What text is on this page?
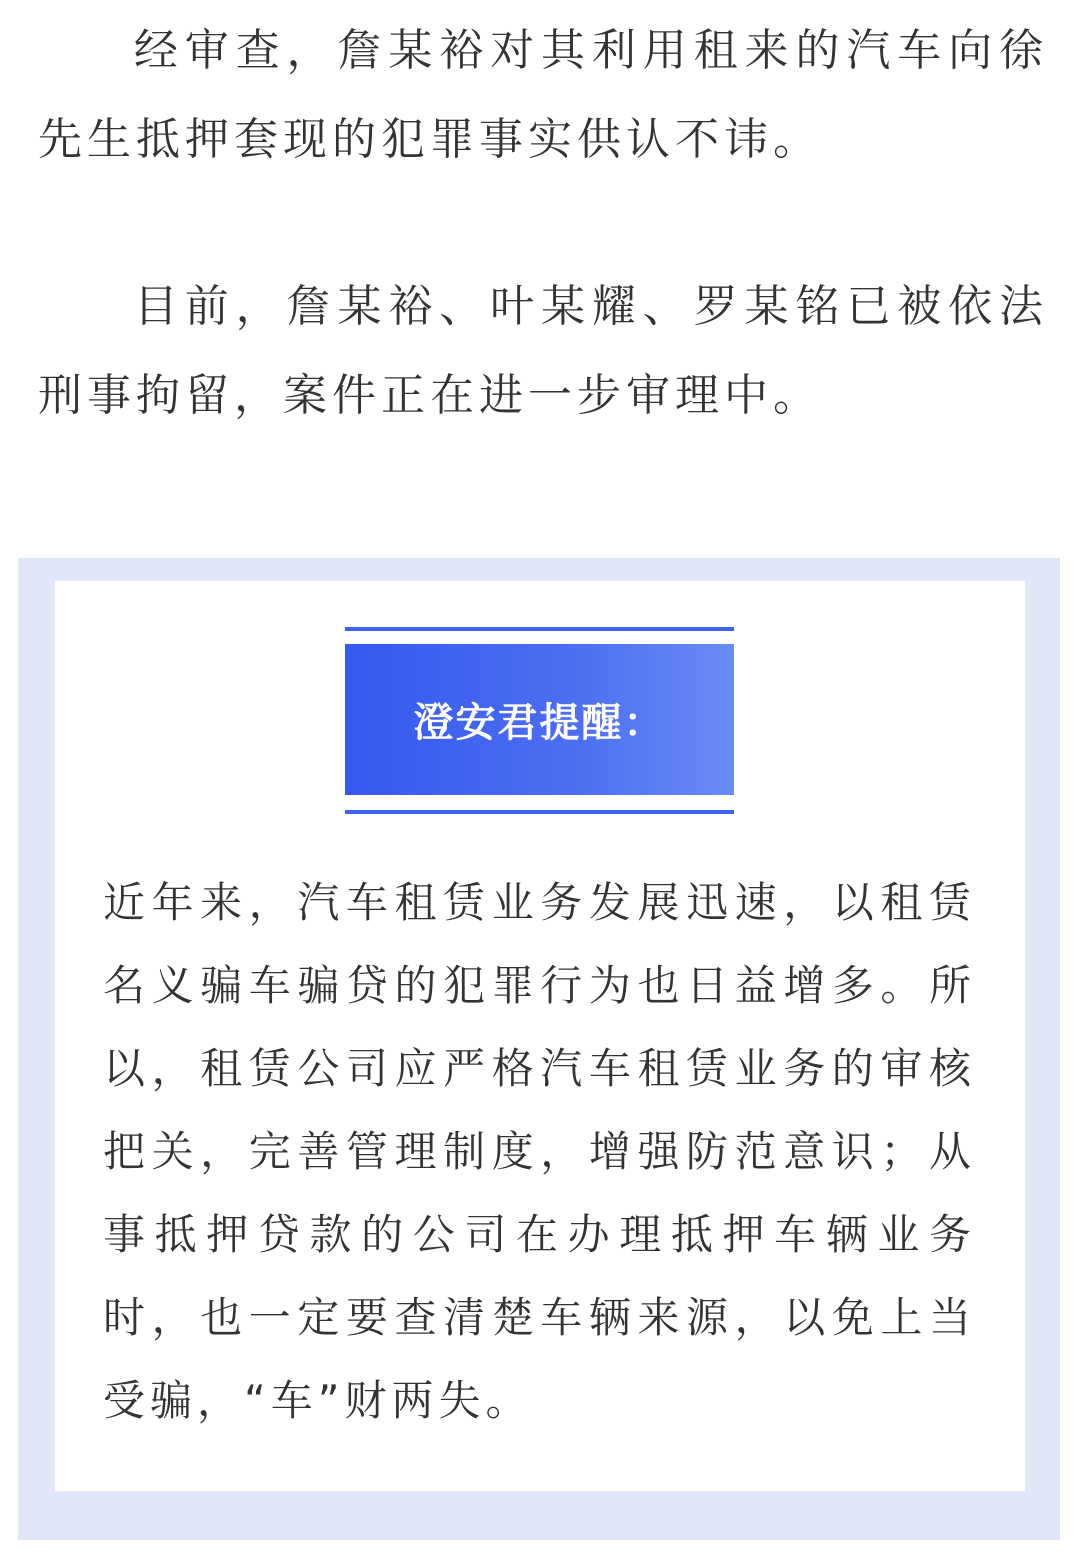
经审查，詹某裕对其利用租来的汽车向徐先生抵押套现的犯罪事实供认不讳。

目前，詹某裕、叶某耀、罗某铭已被依法刑事拘留，案件正在进一步审理中。

澄安君提醒：

近年来，汽车租赁业务发展迅速，以租赁名义骗车骗贷的犯罪行为也日益增多。所以，租赁公司应严格汽车租赁业务的审核把关，完善管理制度，增强防范意识；从事抵押贷款的公司在办理抵押车辆业务时，也一定要查清楚车辆来源，以免上当受骗，“车”财两失。
